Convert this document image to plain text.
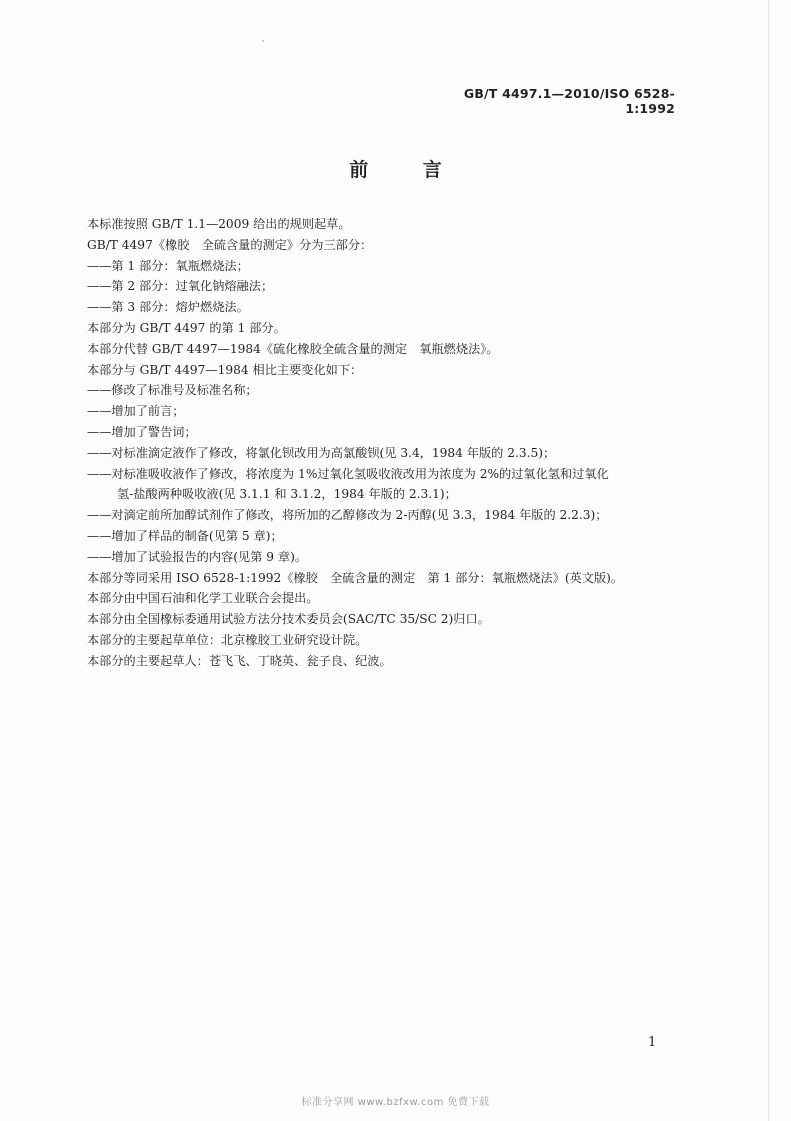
GB/T 4497.1—2010/ISO 6528-1:1992
前 言
本标准按照 GB/T 1.1—2009 给出的规则起草。
GB/T 4497《橡胶　全硫含量的测定》分为三部分：
——第 1 部分：氧瓶燃烧法；
——第 2 部分：过氧化钠熔融法；
——第 3 部分：熔炉燃烧法。
本部分为 GB/T 4497 的第 1 部分。
本部分代替 GB/T 4497—1984《硫化橡胶全硫含量的测定　氧瓶燃烧法》。
本部分与 GB/T 4497—1984 相比主要变化如下：
——修改了标准号及标准名称；
——增加了前言；
——增加了警告词；
——对标准滴定液作了修改，将氯化钡改用为高氯酸钡(见 3.4，1984 年版的 2.3.5)；
——对标准吸收液作了修改，将浓度为 1%过氧化氢吸收液改用为浓度为 2%的过氧化氢和过氧化
氢-盐酸两种吸收液(见 3.1.1 和 3.1.2，1984 年版的 2.3.1)；
——对滴定前所加醇试剂作了修改，将所加的乙醇修改为 2-丙醇(见 3.3，1984 年版的 2.2.3)；
——增加了样品的制备(见第 5 章)；
——增加了试验报告的内容(见第 9 章)。
本部分等同采用 ISO 6528-1:1992《橡胶　全硫含量的测定　第 1 部分：氧瓶燃烧法》(英文版)。
本部分由中国石油和化学工业联合会提出。
本部分由全国橡标委通用试验方法分技术委员会(SAC/TC 35/SC 2)归口。
本部分的主要起草单位：北京橡胶工业研究设计院。
本部分的主要起草人：苍飞飞、丁晓英、瓮子良、纪波。
1
标准分享网 www.bzfxw.com 免费下载
